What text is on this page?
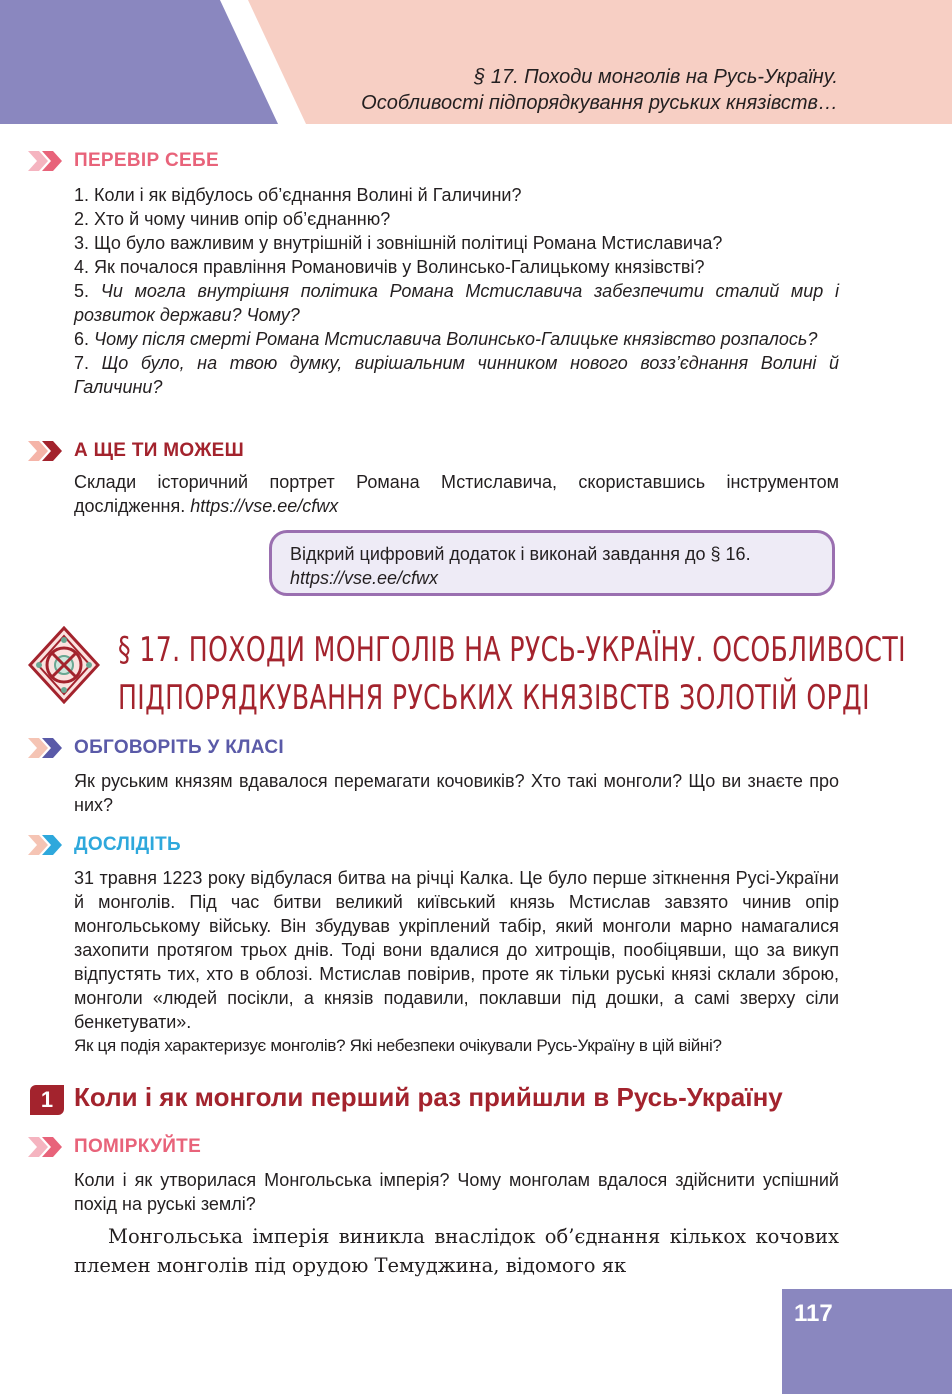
§ 17. Походи монголів на Русь-Україну.
Особливості підпорядкування руських князівств…
ПЕРЕВІР СЕБЕ

1. Коли і як відбулось об’єднання Волині й Галичини?

2. Хто й чому чинив опір об’єднанню?

3. Що було важливим у внутрішній і зовнішній політиці Романа Мстиславича?

4. Як почалося правління Романовичів у Волинсько-Галицькому князівстві?

5. Чи могла внутрішня політика Романа Мстиславича забезпечити сталий мир і розвиток держави? Чому?

6. Чому після смерті Романа Мстиславича Волинсько-Галицьке князівство розпалось?

7. Що було, на твою думку, вирішальним чинником нового возз’єднання Волині й Галичини?

А ЩЕ ТИ МОЖЕШ

Склади історичний портрет Романа Мстиславича, скориставшись інструментом дослідження. https://vse.ee/cfwx

Відкрий цифровий додаток і виконай завдання до § 16.
https://vse.ee/cfwx
§ 17. ПОХОДИ МОНГОЛІВ НА РУСЬ-УКРАЇНУ. ОСОБЛИВОСТІ
ПІДПОРЯДКУВАННЯ РУСЬКИХ КНЯЗІВСТВ ЗОЛОТІЙ ОРДІ
ОБГОВОРІТЬ У КЛАСІ
Як руським князям вдавалося перемагати кочовиків? Хто такі монголи? Що ви знаєте про них?
ДОСЛІДІТЬ

31 травня 1223 року відбулася битва на річці Калка. Це було перше зіткнення Русі-України й монголів. Під час битви великий київський князь Мстислав завзято чинив опір монгольському війську. Він збудував укріплений табір, який монголи марно намагалися захопити протягом трьох днів. Тоді вони вдалися до хитрощів, пообіцявши, що за викуп відпустять тих, хто в облозі. Мстислав повірив, проте як тільки руські князі склали зброю, монголи «людей посікли, а князів подавили, поклавши під дошки, а самі зверху сіли бенкетувати».

Як ця подія характеризує монголів? Які небезпеки очікували Русь-Україну в цій війні?

1 Коли і як монголи перший раз прийшли в Русь-Україну
ПОМІРКУЙТЕ
Коли і як утворилася Монгольська імперія? Чому монголам вдалося здійснити успішний похід на руські землі?

Монгольська імперія виникла внаслідок об’єднання кількох кочових племен монголів під орудою Темуджина, відомого як

117
